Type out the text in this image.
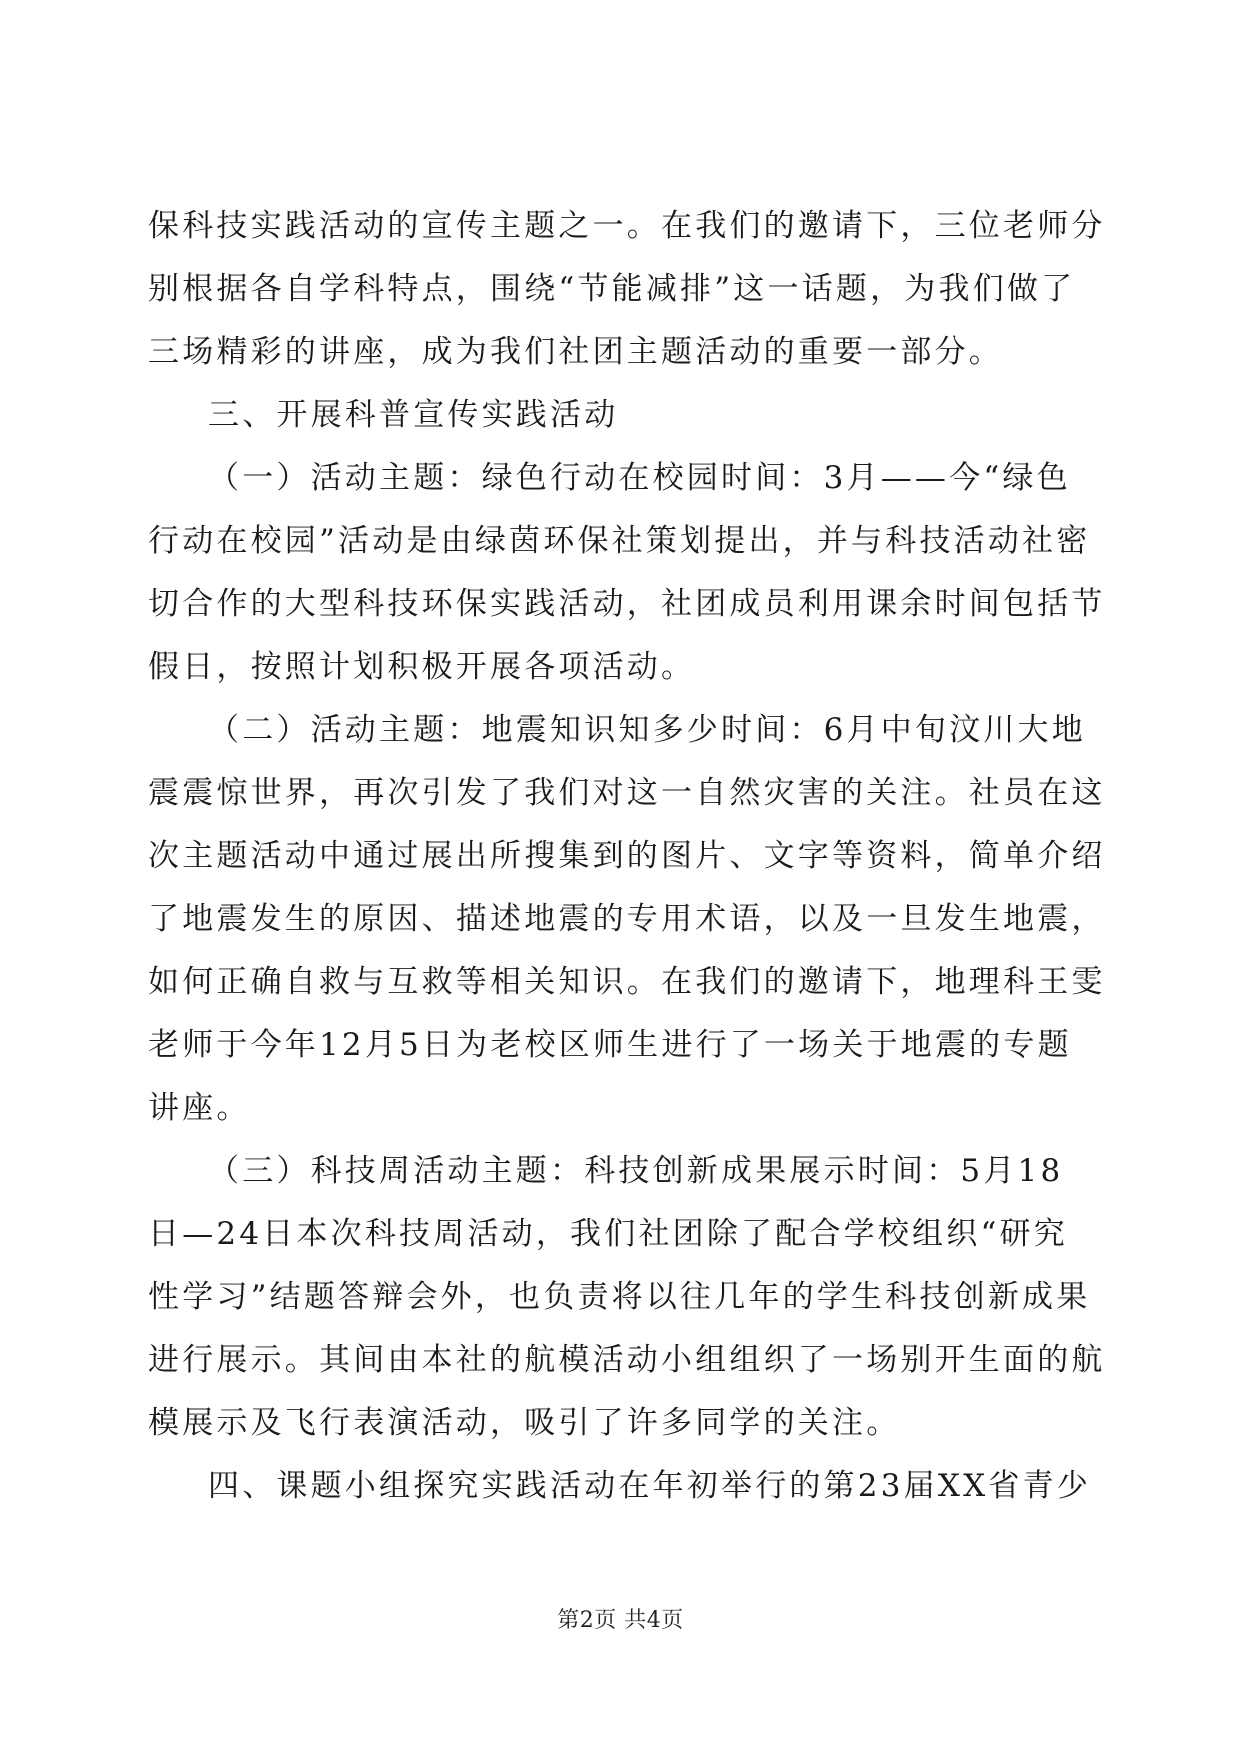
保科技实践活动的宣传主题之一。在我们的邀请下，三位老师分
别根据各自学科特点，围绕“节能减排”这一话题，为我们做了
三场精彩的讲座，成为我们社团主题活动的重要一部分。
三、开展科普宣传实践活动
（一）活动主题：绿色行动在校园时间：3月——今“绿色
行动在校园”活动是由绿茵环保社策划提出，并与科技活动社密
切合作的大型科技环保实践活动，社团成员利用课余时间包括节
假日，按照计划积极开展各项活动。
（二）活动主题：地震知识知多少时间：6月中旬汶川大地
震震惊世界，再次引发了我们对这一自然灾害的关注。社员在这
次主题活动中通过展出所搜集到的图片、文字等资料，简单介绍
了地震发生的原因、描述地震的专用术语，以及一旦发生地震，
如何正确自救与互救等相关知识。在我们的邀请下，地理科王雯
老师于今年12月5日为老校区师生进行了一场关于地震的专题
讲座。
（三）科技周活动主题：科技创新成果展示时间：5月18
日—24日本次科技周活动，我们社团除了配合学校组织“研究
性学习”结题答辩会外，也负责将以往几年的学生科技创新成果
进行展示。其间由本社的航模活动小组组织了一场别开生面的航
模展示及飞行表演活动，吸引了许多同学的关注。
四、课题小组探究实践活动在年初举行的第23届XX省青少
第2页 共4页
